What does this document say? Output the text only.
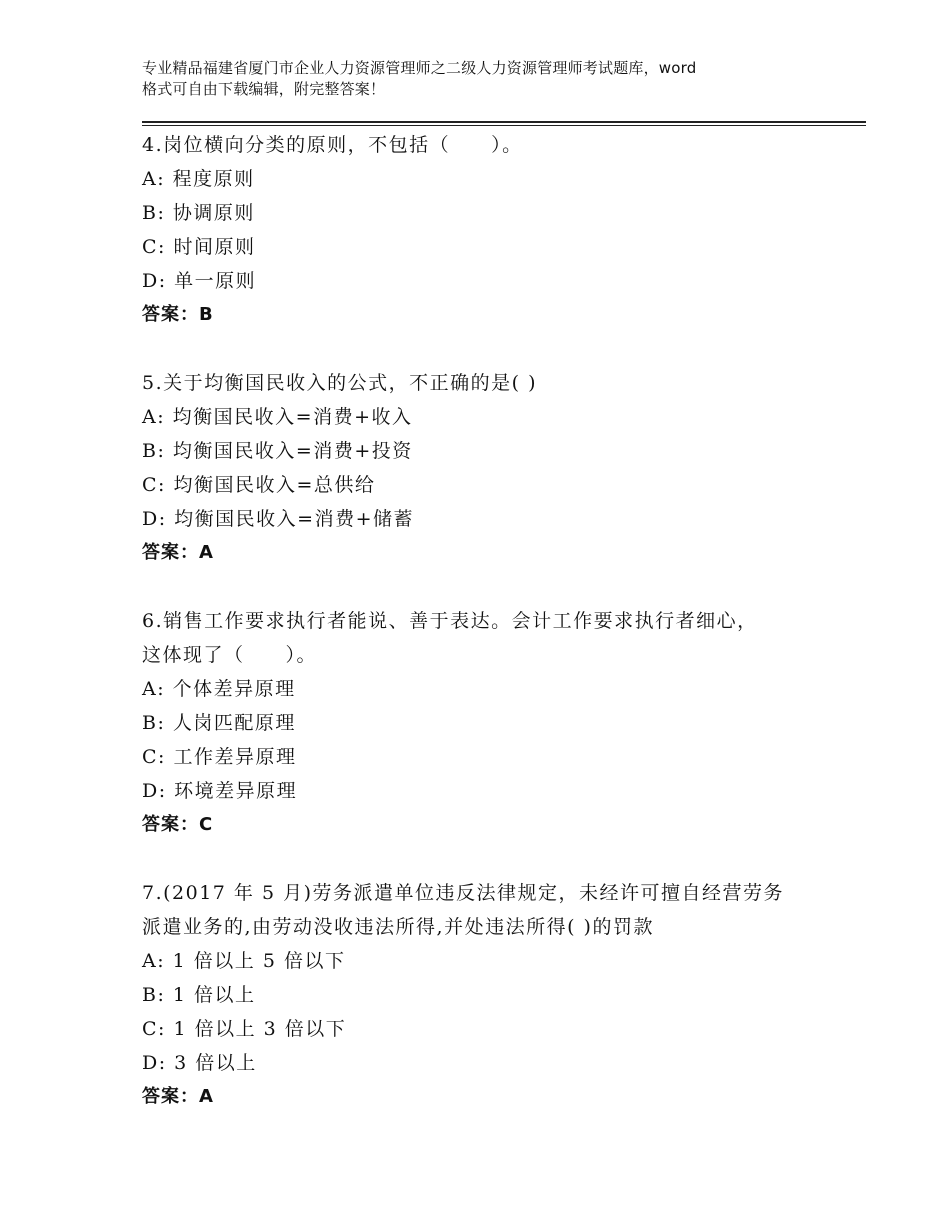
专业精品福建省厦门市企业人力资源管理师之二级人力资源管理师考试题库，word
格式可自由下载编辑，附完整答案！
4.岗位横向分类的原则，不包括（　　）。
A: 程度原则
B: 协调原则
C: 时间原则
D: 单一原则
答案：B
5.关于均衡国民收入的公式，不正确的是( )
A: 均衡国民收入=消费+收入
B: 均衡国民收入=消费+投资
C: 均衡国民收入=总供给
D: 均衡国民收入=消费+储蓄
答案：A
6.销售工作要求执行者能说、善于表达。会计工作要求执行者细心，
这体现了（　　）。
A: 个体差异原理
B: 人岗匹配原理
C: 工作差异原理
D: 环境差异原理
答案：C
7.(2017 年 5 月)劳务派遣单位违反法律规定，未经许可擅自经营劳务
派遣业务的,由劳动没收违法所得,并处违法所得( )的罚款
A: 1 倍以上 5 倍以下
B: 1 倍以上
C: 1 倍以上 3 倍以下
D: 3 倍以上
答案：A
